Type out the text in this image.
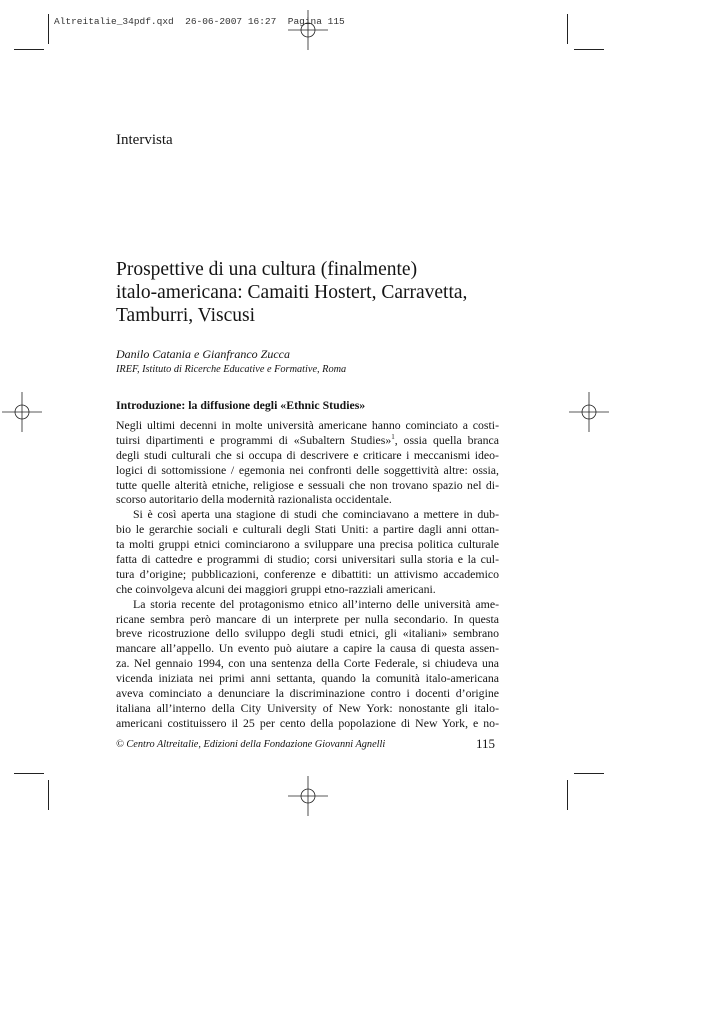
Altreitalie_34pdf.qxd  26-06-2007 16:27  Pagina 115
Intervista
Prospettive di una cultura (finalmente)
italo-americana: Camaiti Hostert, Carravetta,
Tamburri, Viscusi
Danilo Catania e Gianfranco Zucca
IREF, Istituto di Ricerche Educative e Formative, Roma
Introduzione: la diffusione degli «Ethnic Studies»
Negli ultimi decenni in molte università americane hanno cominciato a costi-
tuirsi dipartimenti e programmi di «Subaltern Studies»$^1$, ossia quella branca
degli studi culturali che si occupa di descrivere e criticare i meccanismi ideo-
logici di sottomissione / egemonia nei confronti delle soggettività altre: ossia,
tutte quelle alterità etniche, religiose e sessuali che non trovano spazio nel di-
scorso autoritario della modernità razionalista occidentale.
Si è così aperta una stagione di studi che cominciavano a mettere in dub-
bio le gerarchie sociali e culturali degli Stati Uniti: a partire dagli anni ottan-
ta molti gruppi etnici cominciarono a sviluppare una precisa politica culturale
fatta di cattedre e programmi di studio; corsi universitari sulla storia e la cul-
tura d’origine; pubblicazioni, conferenze e dibattiti: un attivismo accademico
che coinvolgeva alcuni dei maggiori gruppi etno-razziali americani.
La storia recente del protagonismo etnico all’interno delle università ame-
ricane sembra però mancare di un interprete per nulla secondario. In questa
breve ricostruzione dello sviluppo degli studi etnici, gli «italiani» sembrano
mancare all’appello. Un evento può aiutare a capire la causa di questa assen-
za. Nel gennaio 1994, con una sentenza della Corte Federale, si chiudeva una
vicenda iniziata nei primi anni settanta, quando la comunità italo-americana
aveva cominciato a denunciare la discriminazione contro i docenti d’origine
italiana all’interno della City University of New York: nonostante gli italo-
americani costituissero il 25 per cento della popolazione di New York, e no-
© Centro Altreitalie, Edizioni della Fondazione Giovanni Agnelli	115
